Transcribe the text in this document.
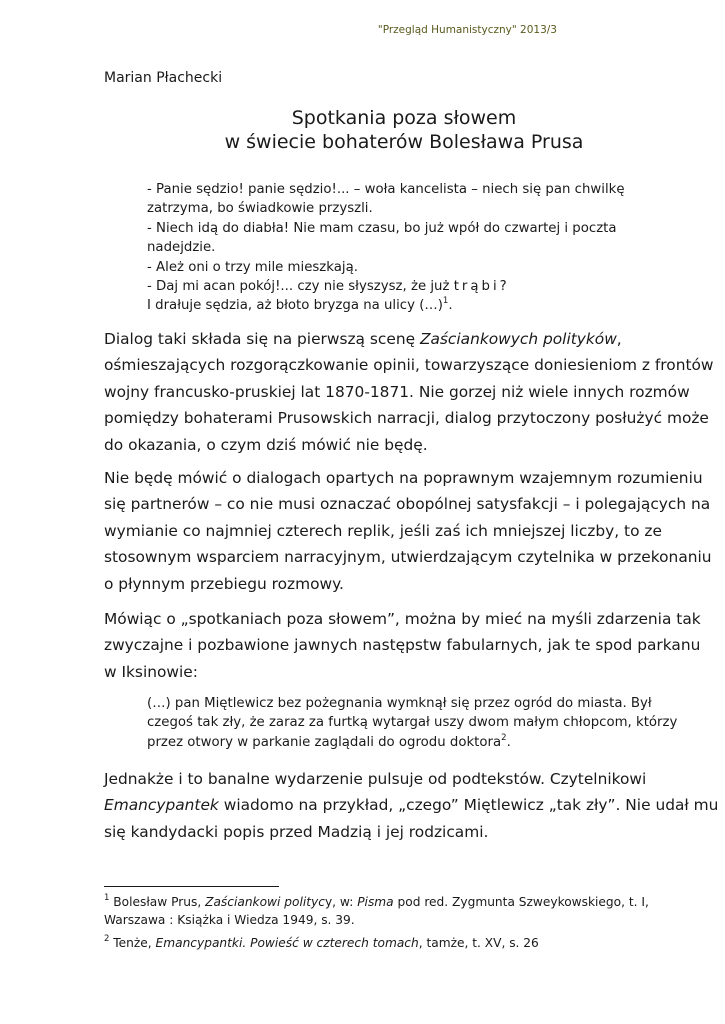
"Przegląd Humanistyczny" 2013/3
Marian Płachecki
Spotkania poza słowem
w świecie bohaterów Bolesława Prusa
- Panie sędzio! panie sędzio!... – woła kancelista – niech się pan chwilkę
zatrzyma, bo świadkowie przyszli.
- Niech idą do diabła! Nie mam czasu, bo już wpół do czwartej i poczta
nadejdzie.
- Ależ oni o trzy mile mieszkają.
- Daj mi acan pokój!... czy nie słyszysz, że już trąbi?
I drałuje sędzia, aż błoto bryzga na ulicy (…)$^1$.
Dialog taki składa się na pierwszą scenę Zaściankowych polityków,
ośmieszających rozgorączkowanie opinii, towarzyszące doniesieniom z frontów
wojny francusko-pruskiej lat 1870-1871. Nie gorzej niż wiele innych rozmów
pomiędzy bohaterami Prusowskich narracji, dialog przytoczony posłużyć może
do okazania, o czym dziś mówić nie będę.
Nie będę mówić o dialogach opartych na poprawnym wzajemnym rozumieniu
się partnerów – co nie musi oznaczać obopólnej satysfakcji – i polegających na
wymianie co najmniej czterech replik, jeśli zaś ich mniejszej liczby, to ze
stosownym wsparciem narracyjnym, utwierdzającym czytelnika w przekonaniu
o płynnym przebiegu rozmowy.
Mówiąc o „spotkaniach poza słowem”, można by mieć na myśli zdarzenia tak
zwyczajne i pozbawione jawnych następstw fabularnych, jak te spod parkanu
w Iksinowie:
(…) pan Miętlewicz bez pożegnania wymknął się przez ogród do miasta. Był
czegoś tak zły, że zaraz za furtką wytargał uszy dwom małym chłopcom, którzy
przez otwory w parkanie zaglądali do ogrodu doktora$^2$.
Jednakże i to banalne wydarzenie pulsuje od podtekstów. Czytelnikowi
Emancypantek wiadomo na przykład, „czego” Miętlewicz „tak zły”. Nie udał mu
się kandydacki popis przed Madzią i jej rodzicami.
$^1$ Bolesław Prus, Zaściankowi politycy, w: Pisma pod red. Zygmunta Szweykowskiego, t. I,
Warszawa : Książka i Wiedza 1949, s. 39.
$^2$ Tenże, Emancypantki. Powieść w czterech tomach, tamże, t. XV, s. 26
